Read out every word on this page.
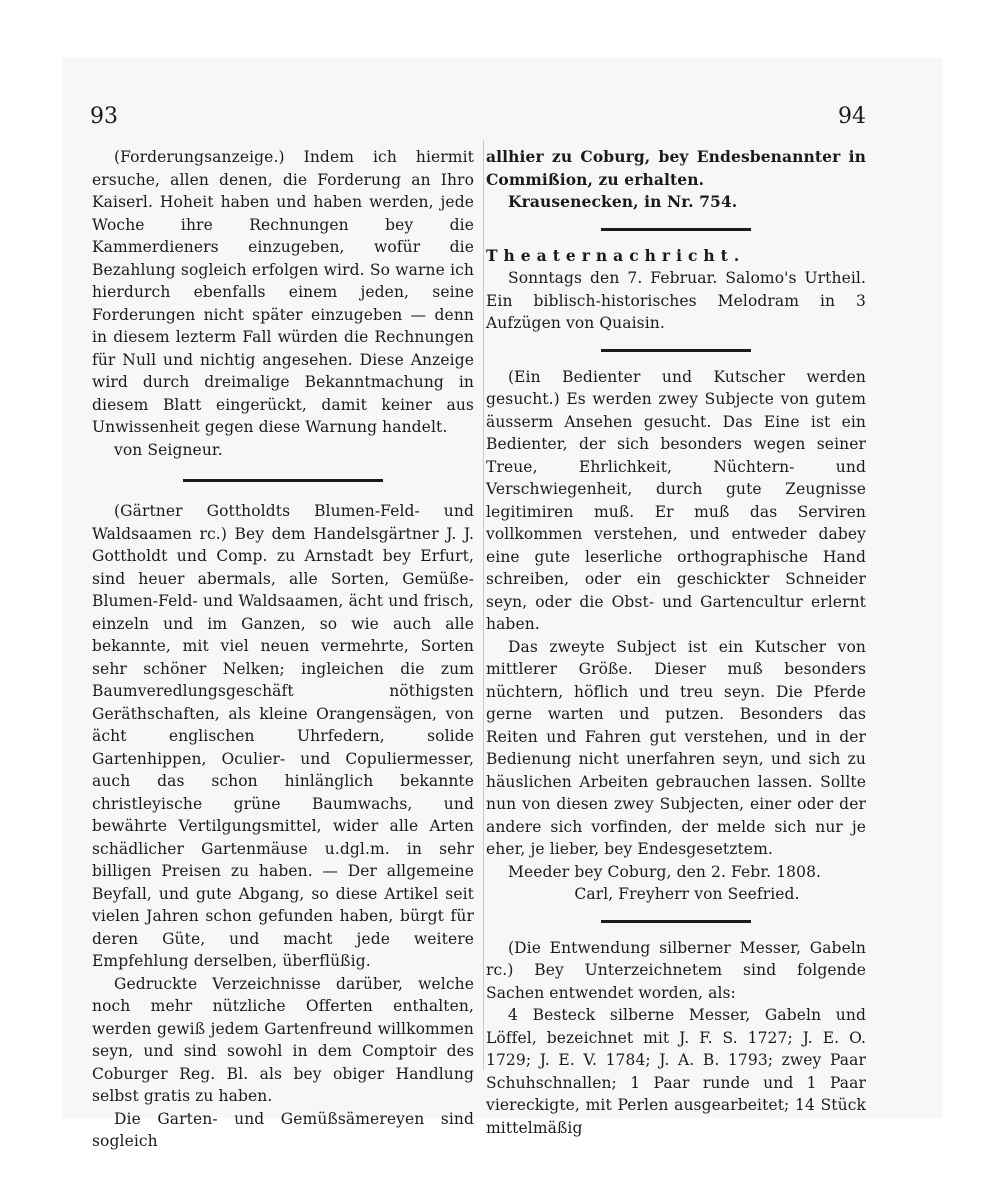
93	94

(Forderungsanzeige.) Indem ich hiermit ersuche, allen denen, die Forderung an Ihro Kaiserl. Hoheit haben und haben werden, jede Woche ihre Rechnungen bey die Kammerdieners einzugeben, wofür die Bezahlung sogleich erfolgen wird. So warne ich hierdurch ebenfalls einem jeden, seine Forderungen nicht später einzugeben — denn in diesem lezterm Fall würden die Rechnungen für Null und nichtig angesehen. Diese Anzeige wird durch dreimalige Bekanntmachung in diesem Blatt eingerückt, damit keiner aus Unwissenheit gegen diese Warnung handelt.

von Seigneur.

(Gärtner Gottholdts Blumen-Feld- und Waldsaamen rc.) Bey dem Handelsgärtner J. J. Gottholdt und Comp. zu Arnstadt bey Erfurt, sind heuer abermals, alle Sorten, Gemüße-Blumen-Feld- und Waldsaamen, ächt und frisch, einzeln und im Ganzen, so wie auch alle bekannte, mit viel neuen vermehrte, Sorten sehr schöner Nelken; ingleichen die zum Baumveredlungsgeschäft nöthigsten Geräthschaften, als kleine Orangensägen, von ächt englischen Uhrfedern, solide Gartenhippen, Oculier- und Copuliermesser, auch das schon hinlänglich bekannte christleyische grüne Baumwachs, und bewährte Vertilgungsmittel, wider alle Arten schädlicher Gartenmäuse u.dgl.m. in sehr billigen Preisen zu haben. — Der allgemeine Beyfall, und gute Abgang, so diese Artikel seit vielen Jahren schon gefunden haben, bürgt für deren Güte, und macht jede weitere Empfehlung derselben, überflüßig.

Gedruckte Verzeichnisse darüber, welche noch mehr nützliche Offerten enthalten, werden gewiß jedem Gartenfreund willkommen seyn, und sind sowohl in dem Comptoir des Coburger Reg. Bl. als bey obiger Handlung selbst gratis zu haben.

Die Garten- und Gemüßsämereyen sind sogleich

allhier zu Coburg, bey Endesbenannter in Commißion, zu erhalten.

Krausenecken, in Nr. 754.

Theaternachricht.

Sonntags den 7. Februar. Salomo's Urtheil. Ein biblisch-historisches Melodram in 3 Aufzügen von Quaisin.

(Ein Bedienter und Kutscher werden gesucht.) Es werden zwey Subjecte von gutem äusserm Ansehen gesucht. Das Eine ist ein Bedienter, der sich besonders wegen seiner Treue, Ehrlichkeit, Nüchtern- und Verschwiegenheit, durch gute Zeugnisse legitimiren muß. Er muß das Serviren vollkommen verstehen, und entweder dabey eine gute leserliche orthographische Hand schreiben, oder ein geschickter Schneider seyn, oder die Obst- und Gartencultur erlernt haben.

Das zweyte Subject ist ein Kutscher von mittlerer Größe. Dieser muß besonders nüchtern, höflich und treu seyn. Die Pferde gerne warten und putzen. Besonders das Reiten und Fahren gut verstehen, und in der Bedienung nicht unerfahren seyn, und sich zu häuslichen Arbeiten gebrauchen lassen. Sollte nun von diesen zwey Subjecten, einer oder der andere sich vorfinden, der melde sich nur je eher, je lieber, bey Endesgesetztem.

Meeder bey Coburg, den 2. Febr. 1808.

Carl, Freyherr von Seefried.

(Die Entwendung silberner Messer, Gabeln rc.) Bey Unterzeichnetem sind folgende Sachen entwendet worden, als:

4 Besteck silberne Messer, Gabeln und Löffel, bezeichnet mit J. F. S. 1727; J. E. O. 1729; J. E. V. 1784; J. A. B. 1793; zwey Paar Schuhschnallen; 1 Paar runde und 1 Paar viereckigte, mit Perlen ausgearbeitet; 14 Stück mittelmäßig
